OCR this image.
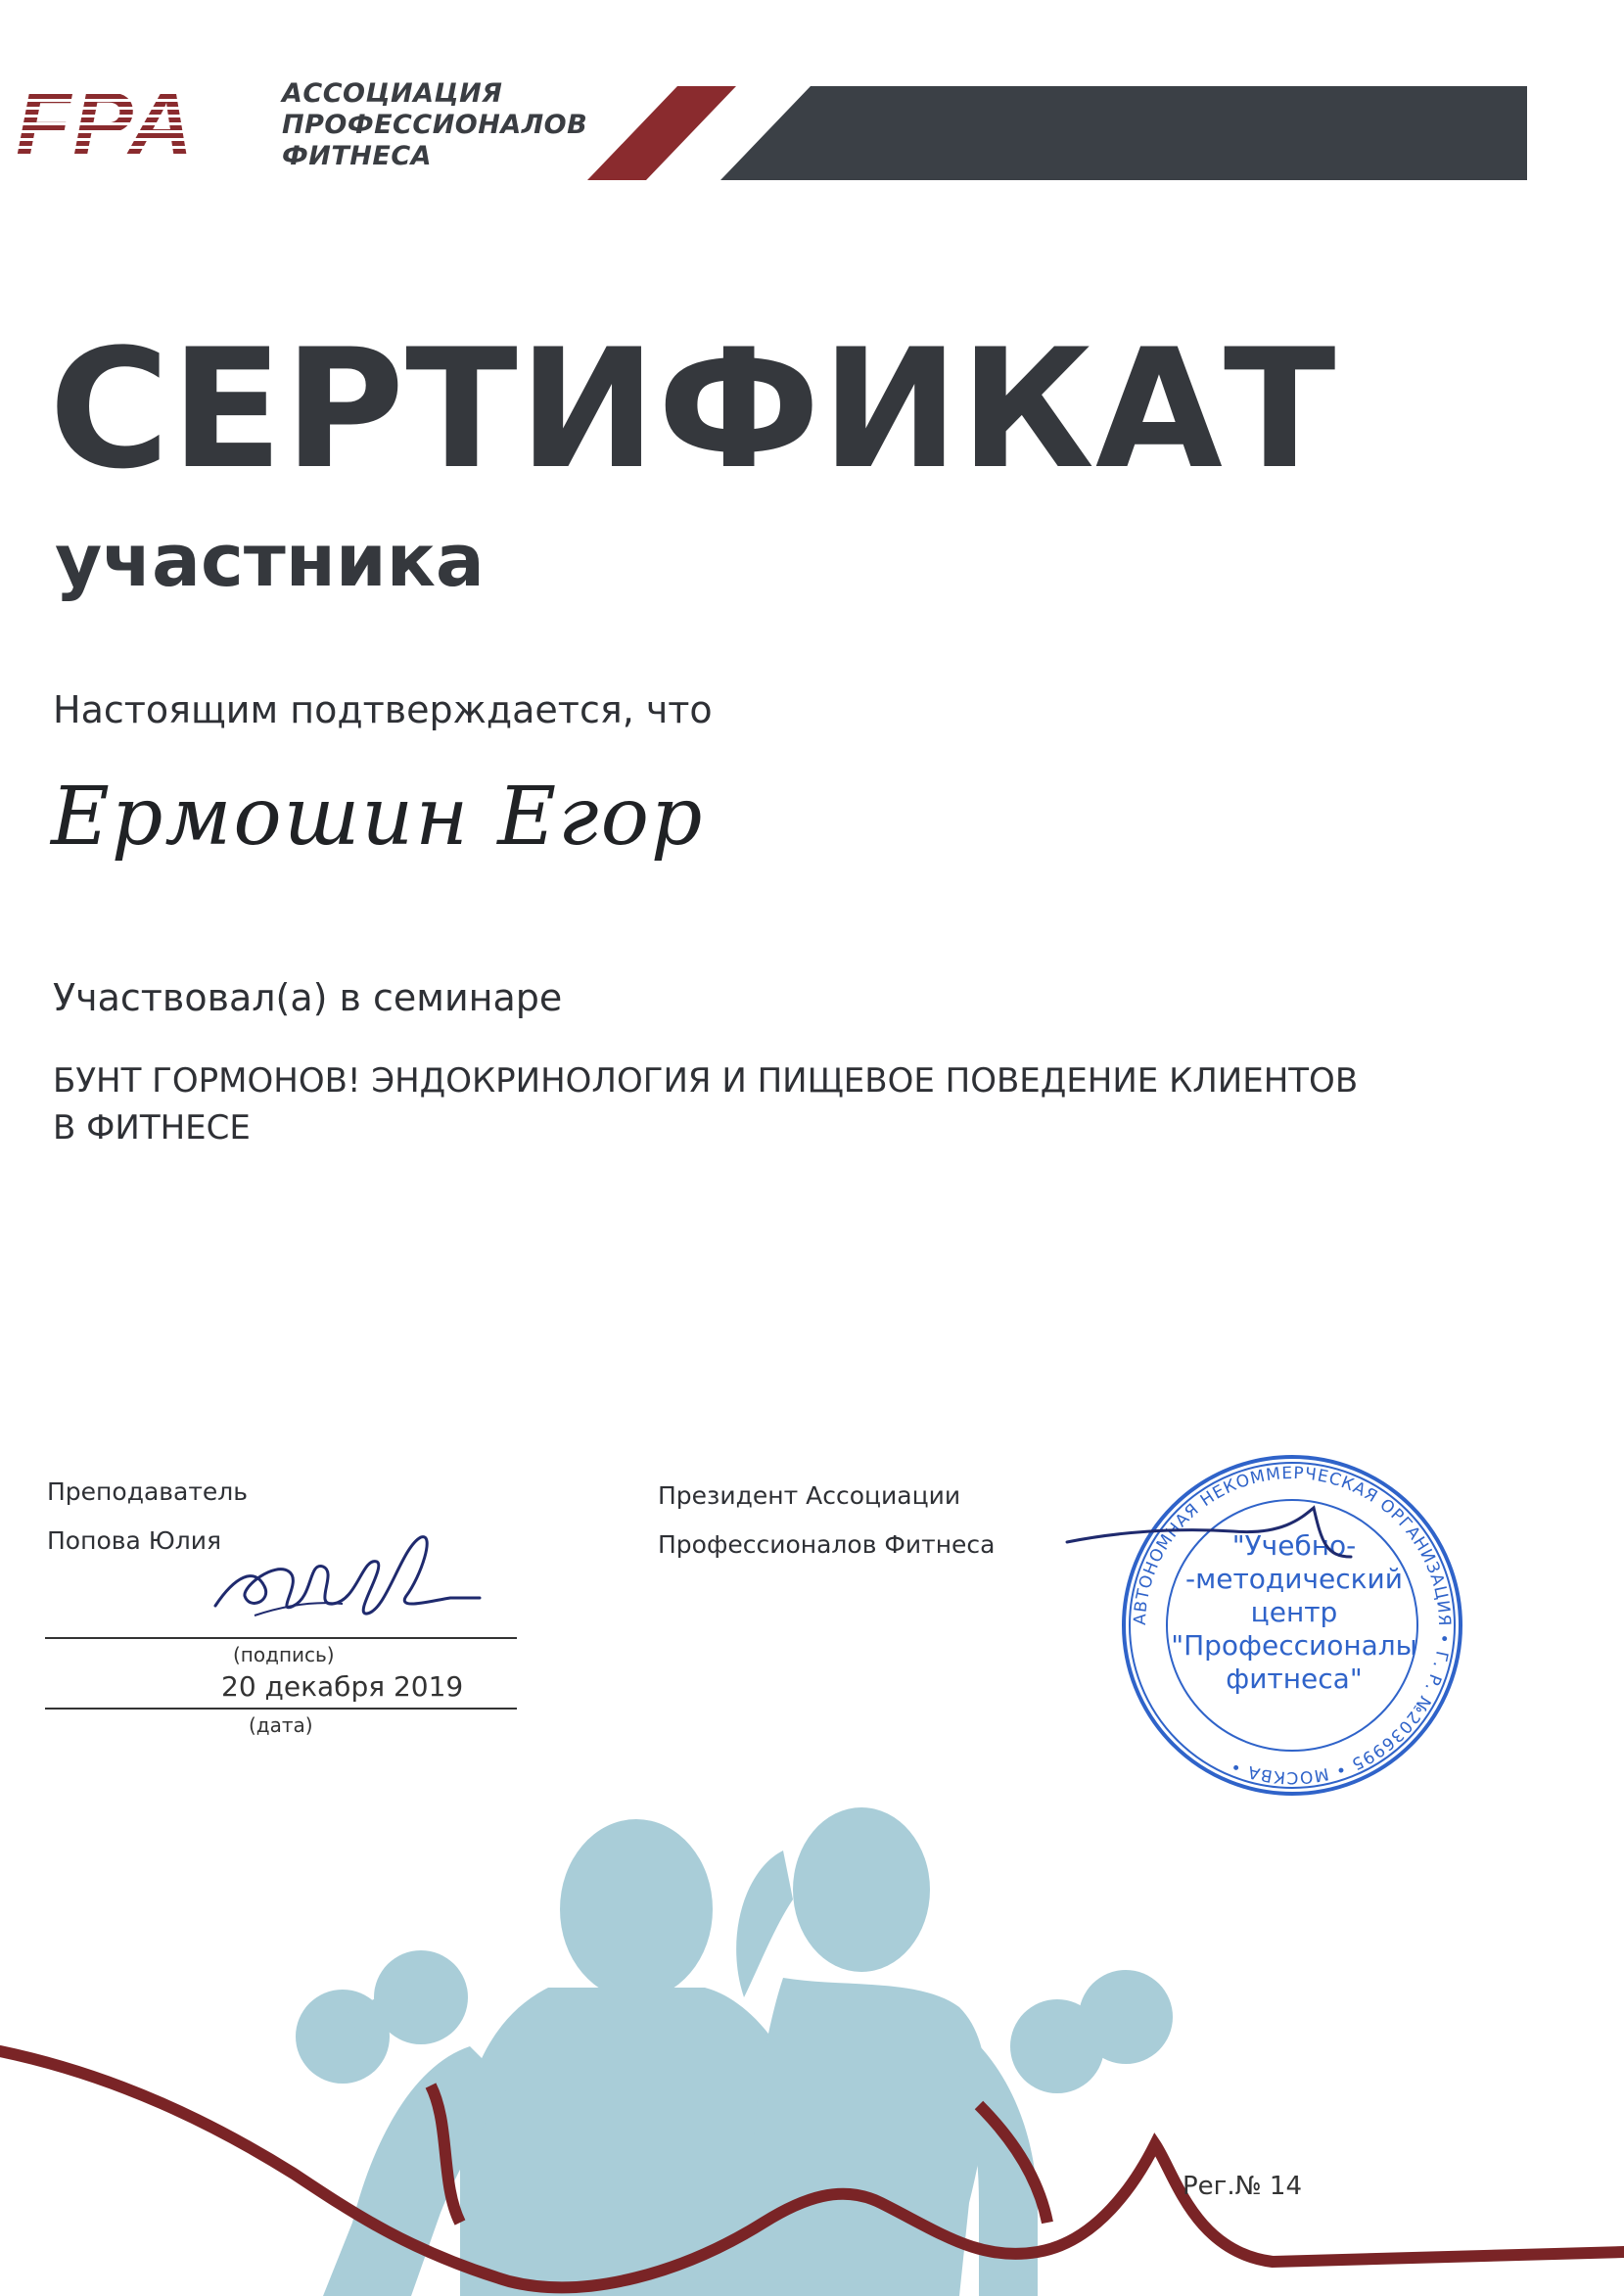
FPA	АССОЦИАЦИЯ
ПРОФЕССИОНАЛОВ
ФИТНЕСА
СЕРТИФИКАТ
участника
Настоящим подтверждается, что
Ермошин Егор
Участвовал(а) в семинаре
БУНТ ГОРМОНОВ! ЭНДОКРИНОЛОГИЯ И ПИЩЕВОЕ ПОВЕДЕНИЕ КЛИЕНТОВ
В ФИТНЕСЕ
Преподаватель
Попова Юлия
(подпись)
20 декабря 2019
(дата)
Президент Ассоциации
Профессионалов Фитнеса
АВТОНОМНАЯ НЕКОММЕРЧЕСКАЯ ОРГАНИЗАЦИЯ • Г. Р. №2036995 • МОСКВА •
"Учебно-
-методический
центр
"Профессионалы
фитнеса"
Рег.№ 14
